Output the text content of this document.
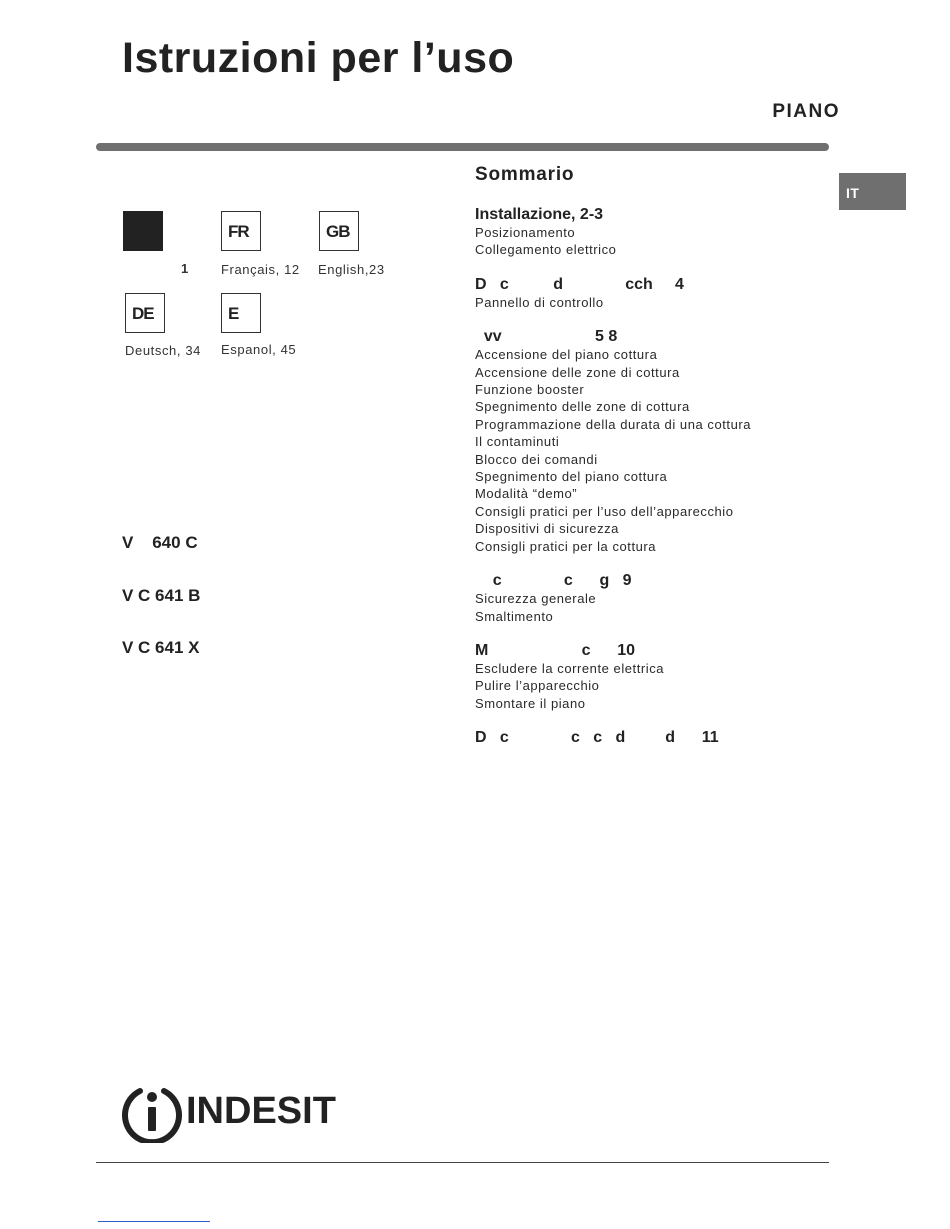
Istruzioni per l’uso
PIANO
IT
1
FR
Français, 12
GB
English,23
DE
Deutsch, 34
E
Espanol, 45

V    640 C

V C 641 B

V C 641 X

Sommario
Installazione, 2-3
Posizionamento
Collegamento elettrico
D   c          d              cch     4
Pannello di controllo
vv                     5 8
Accensione del piano cottura
Accensione delle zone di cottura
Funzione booster
Spegnimento delle zone di cottura
Programmazione della durata di una cottura
Il contaminuti
Blocco dei comandi
Spegnimento del piano cottura
Modalità “demo”
Consigli pratici per l’uso dell’apparecchio
Dispositivi di sicurezza
Consigli pratici per la cottura
c              c      g   9
Sicurezza generale
Smaltimento
M                     c      10
Escludere la corrente elettrica
Pulire l’apparecchio
Smontare il piano
D   c              c   c   d         d      11
INDESIT
